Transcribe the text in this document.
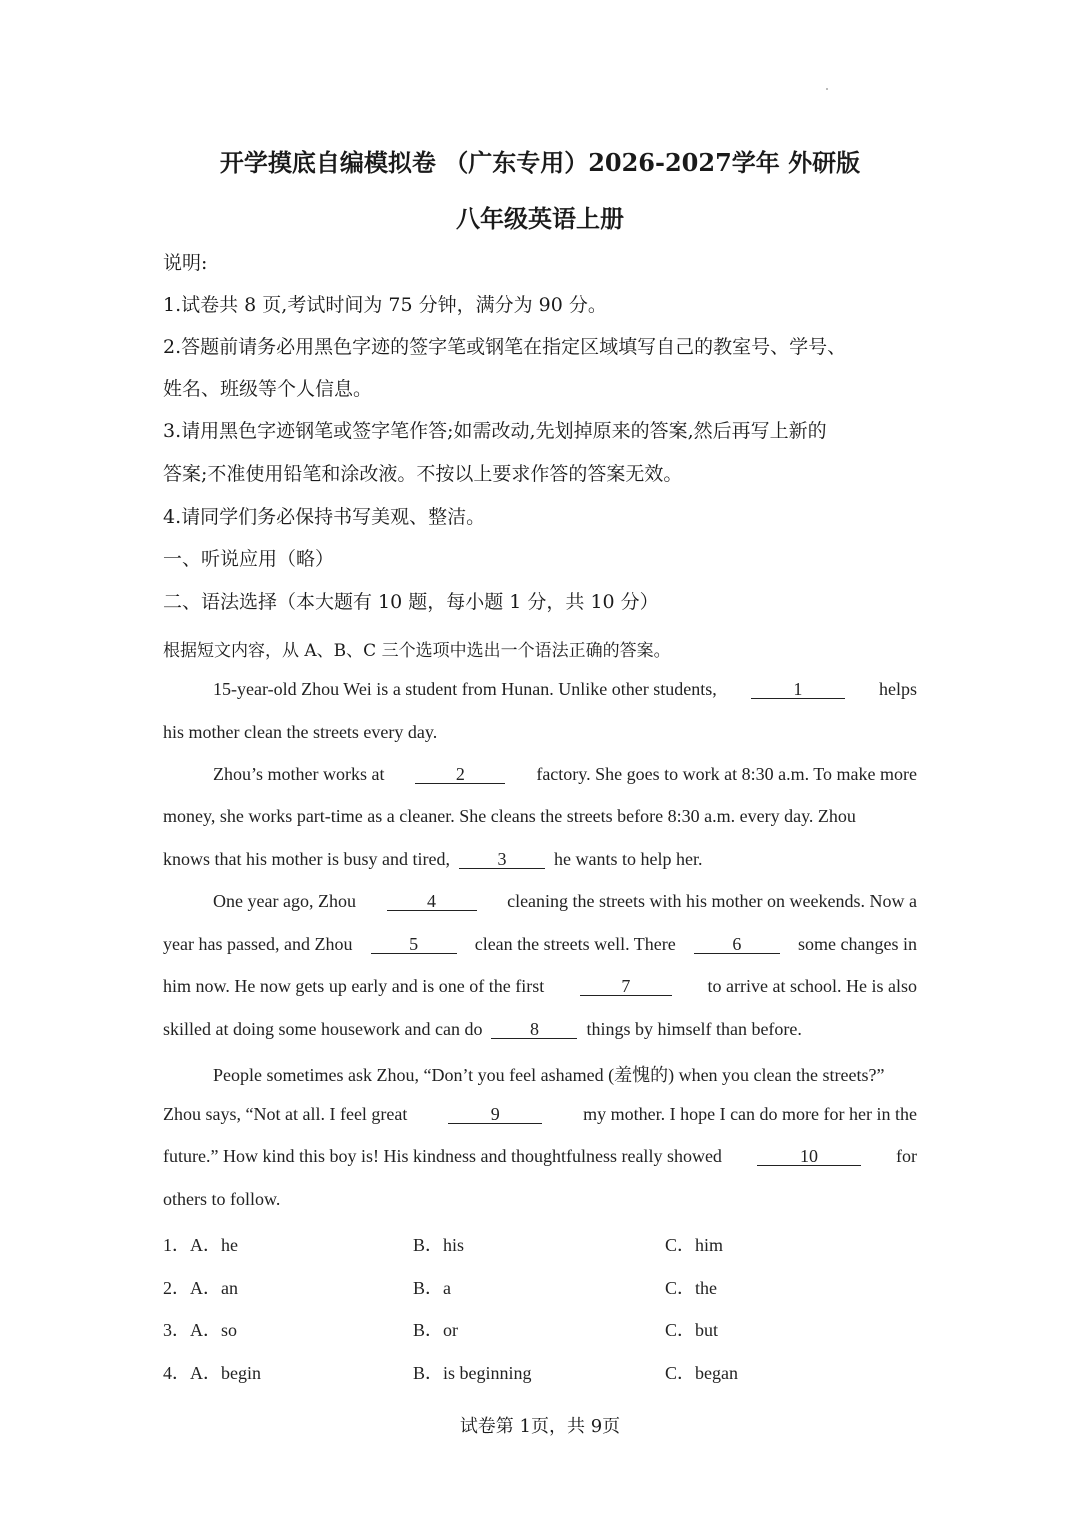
开学摸底自编模拟卷 （广东专用）2026-2027学年 外研版
八年级英语上册

说明:

1.试卷共 8 页,考试时间为 75 分钟，满分为 90 分。

2.答题前请务必用黑色字迹的签字笔或钢笔在指定区域填写自己的教室号、学号、

姓名、班级等个人信息。

3.请用黑色字迹钢笔或签字笔作答;如需改动,先划掉原来的答案,然后再写上新的

答案;不准使用铅笔和涂改液。不按以上要求作答的答案无效。

4.请同学们务必保持书写美观、整洁。

一、听说应用（略）

二、语法选择（本大题有 10 题，每小题 1 分，共 10 分）

根据短文内容，从 A、B、C 三个选项中选出一个语法正确的答案。

15-year-old Zhou Wei is a student from Hunan. Unlike other students,	1	helps

his mother clean the streets every day.

Zhou’s mother works at	2	factory. She goes to work at 8:30 a.m. To make more

money, she works part-time as a cleaner. She cleans the streets before 8:30 a.m. every day. Zhou

knows that his mother is busy and tired,	3	he wants to help her.

One year ago, Zhou	4	cleaning the streets with his mother on weekends. Now a

year has passed, and Zhou	5	clean the streets well. There	6	some changes in

him now. He now gets up early and is one of the first	7	to arrive at school. He is also

skilled at doing some housework and can do	8	things by himself than before.

People sometimes ask Zhou, “Don’t you feel ashamed (羞愧的) when you clean the streets?”

Zhou says, “Not at all. I feel great	9	my mother. I hope I can do more for her in the

future.” How kind this boy is! His kindness and thoughtfulness really showed	10	for

others to follow.

1．A．he	B．his	C．him

2．A．an	B．a	C．the

3．A．so	B．or	C．but

4．A．begin	B．is beginning	C．began

试卷第 1页，共 9页
